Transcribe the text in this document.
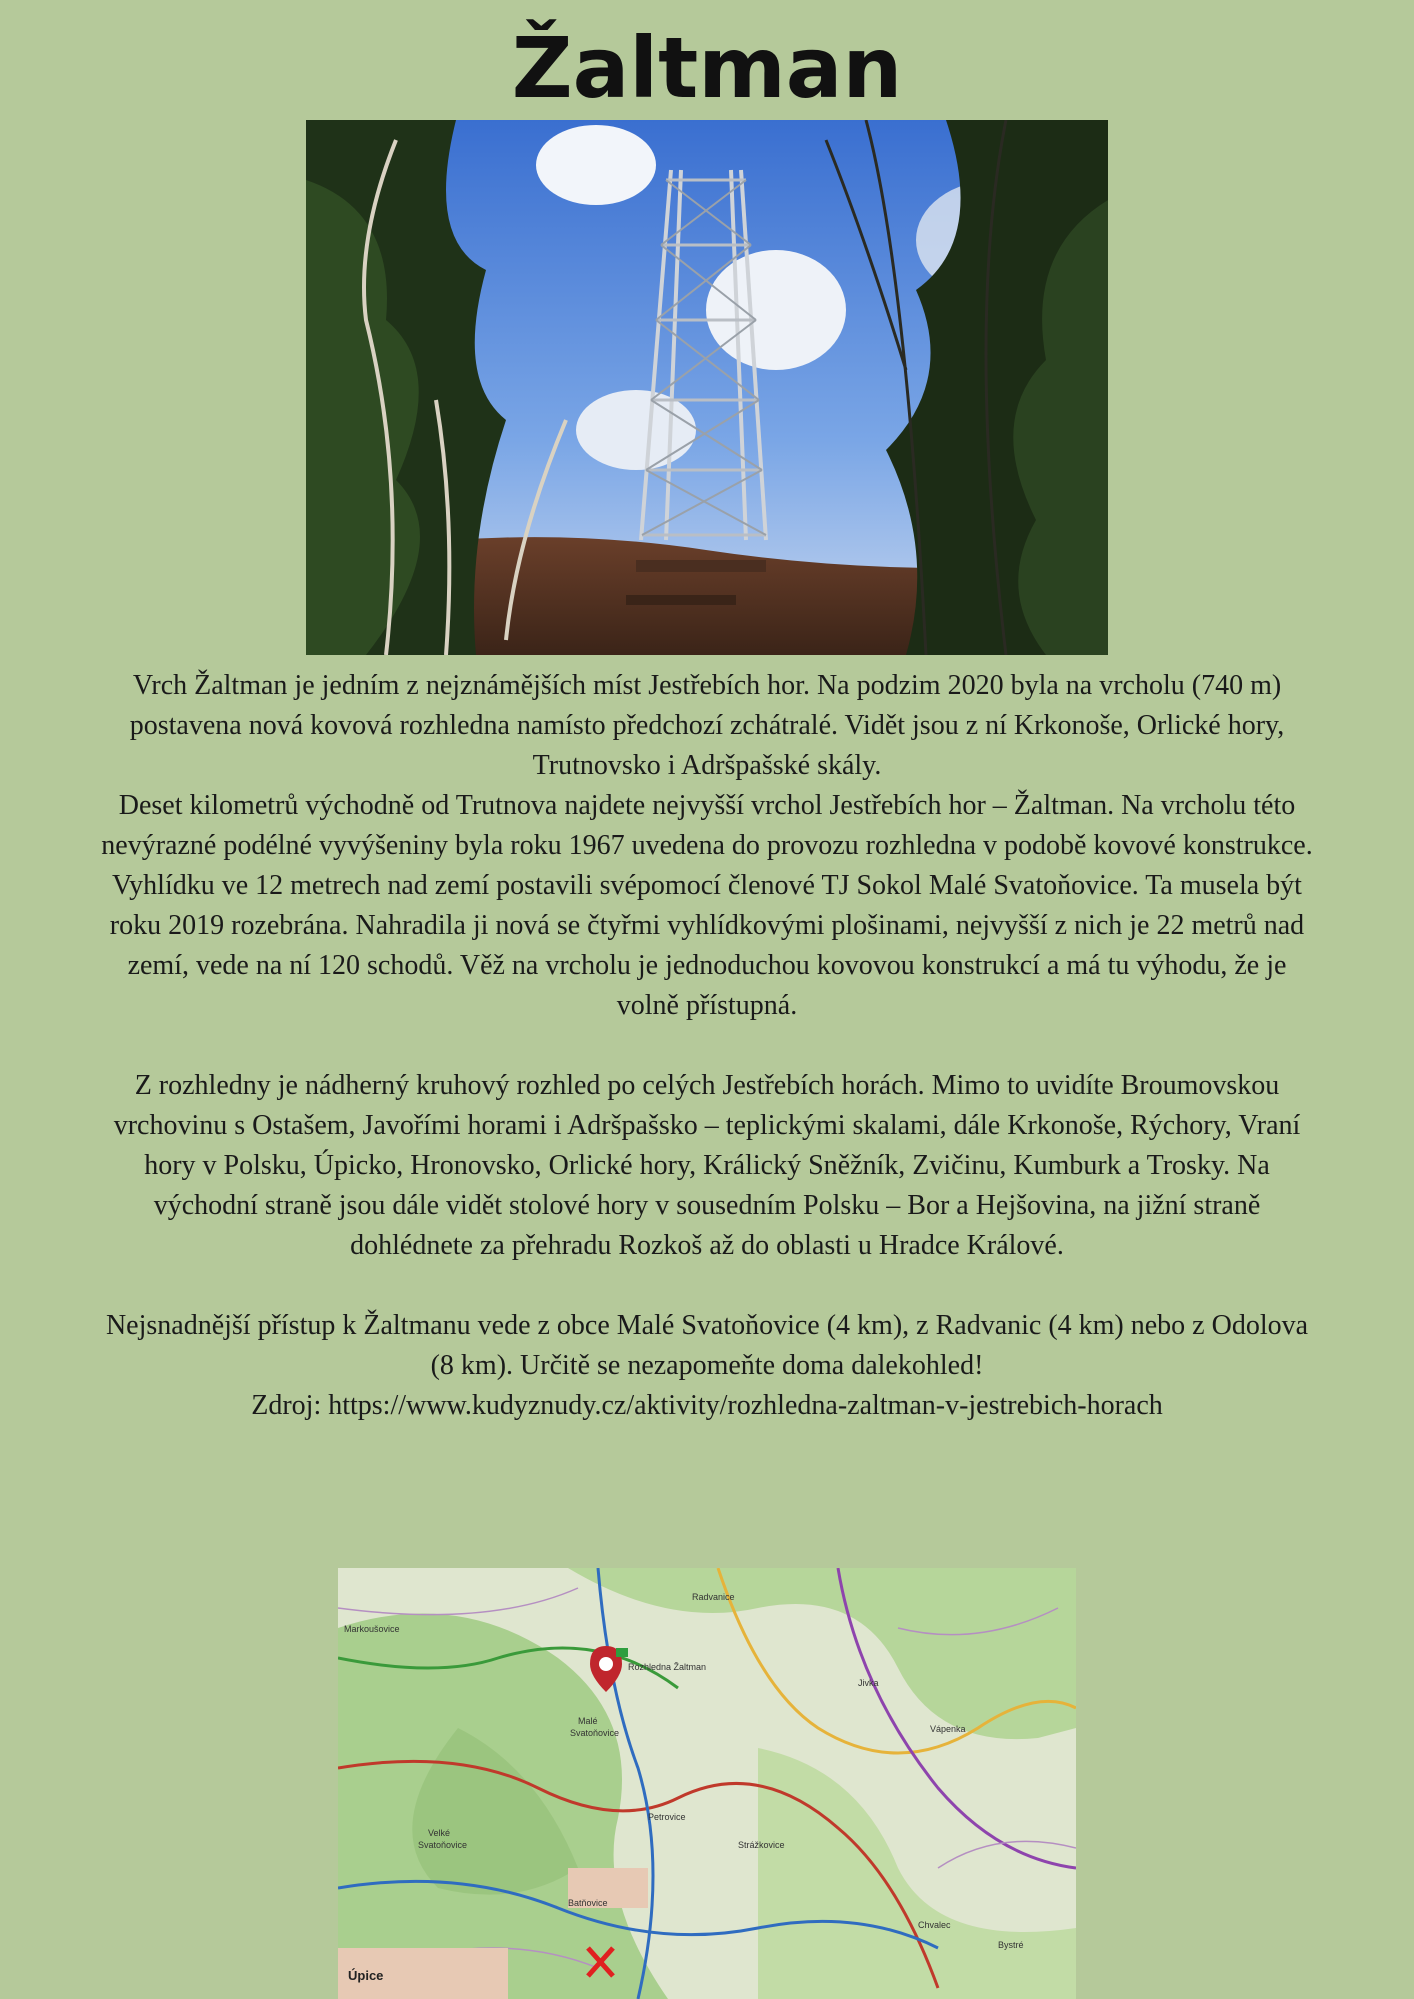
Žaltman

Vrch Žaltman je jedním z nejznámějších míst Jestřebích hor. Na podzim 2020 byla na vrcholu (740 m) postavena nová kovová rozhledna namísto předchozí zchátralé. Vidět jsou z ní Krkonoše, Orlické hory, Trutnovsko i Adršpašské skály.

Deset kilometrů východně od Trutnova najdete nejvyšší vrchol Jestřebích hor – Žaltman. Na vrcholu této nevýrazné podélné vyvýšeniny byla roku 1967 uvedena do provozu rozhledna v podobě kovové konstrukce. Vyhlídku ve 12 metrech nad zemí postavili svépomocí členové TJ Sokol Malé Svatoňovice. Ta musela být roku 2019 rozebrána. Nahradila ji nová se čtyřmi vyhlídkovými plošinami, nejvyšší z nich je 22 metrů nad zemí, vede na ní 120 schodů. Věž na vrcholu je jednoduchou kovovou konstrukcí a má tu výhodu, že je volně přístupná.

Z rozhledny je nádherný kruhový rozhled po celých Jestřebích horách. Mimo to uvidíte Broumovskou vrchovinu s Ostašem, Javořími horami i Adršpašsko – teplickými skalami, dále Krkonoše, Rýchory, Vraní hory v Polsku, Úpicko, Hronovsko, Orlické hory, Králický Sněžník, Zvičinu, Kumburk a Trosky. Na východní straně jsou dále vidět stolové hory v sousedním Polsku – Bor a Hejšovina, na jižní straně dohlédnete za přehradu Rozkoš až do oblasti u Hradce Králové.

Nejsnadnější přístup k Žaltmanu vede z obce Malé Svatoňovice (4 km), z Radvanic (4 km) nebo z Odolova (8 km). Určitě se nezapomeňte doma dalekohled!

Zdroj: https://www.kudyznudy.cz/aktivity/rozhledna-zaltman-v-jestrebich-horach

Radvanice
Jivka
Malé
Svatoňovice
Velké
Svatoňovice
Batňovice
Úpice
Markoušovice
Petrovice
Strážkovice
Chvalec
Vápenka
Bystré
Rozhledna Žaltman
